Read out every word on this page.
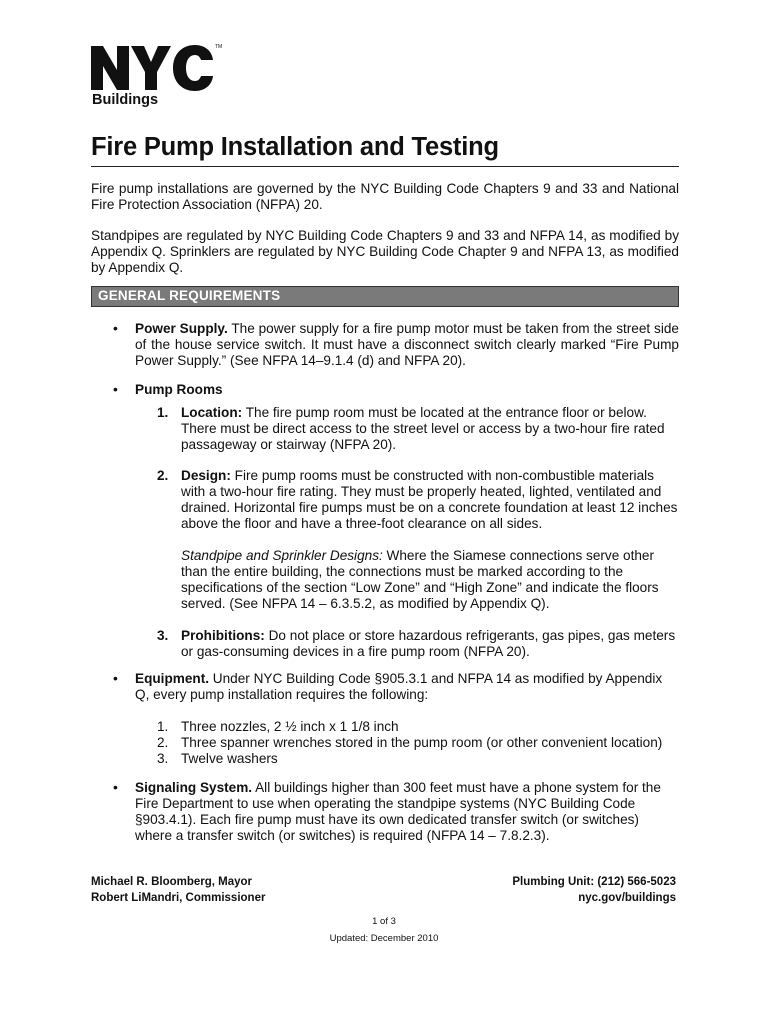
TM
Buildings
Fire Pump Installation and Testing
Fire pump installations are governed by the NYC Building Code Chapters 9 and 33 and National Fire Protection Association (NFPA) 20.
Standpipes are regulated by NYC Building Code Chapters 9 and 33 and NFPA 14, as modified by Appendix Q. Sprinklers are regulated by NYC Building Code Chapter 9 and NFPA 13, as modified by Appendix Q.
GENERAL REQUIREMENTS
• Power Supply. The power supply for a fire pump motor must be taken from the street side of the house service switch. It must have a disconnect switch clearly marked “Fire Pump Power Supply.” (See NFPA 14–9.1.4 (d) and NFPA 20).
• Pump Rooms
1. Location: The fire pump room must be located at the entrance floor or below. There must be direct access to the street level or access by a two-hour fire rated passageway or stairway (NFPA 20).
2. Design: Fire pump rooms must be constructed with non-combustible materials with a two-hour fire rating. They must be properly heated, lighted, ventilated and drained. Horizontal fire pumps must be on a concrete foundation at least 12 inches above the floor and have a three-foot clearance on all sides.
Standpipe and Sprinkler Designs: Where the Siamese connections serve other than the entire building, the connections must be marked according to the specifications of the section “Low Zone” and “High Zone” and indicate the floors served. (See NFPA 14 – 6.3.5.2, as modified by Appendix Q).
3. Prohibitions: Do not place or store hazardous refrigerants, gas pipes, gas meters or gas-consuming devices in a fire pump room (NFPA 20).
• Equipment. Under NYC Building Code §905.3.1 and NFPA 14 as modified by Appendix Q, every pump installation requires the following:
1. Three nozzles, 2 ½ inch x 1 1/8 inch
2. Three spanner wrenches stored in the pump room (or other convenient location)
3. Twelve washers
• Signaling System. All buildings higher than 300 feet must have a phone system for the Fire Department to use when operating the standpipe systems (NYC Building Code §903.4.1). Each fire pump must have its own dedicated transfer switch (or switches) where a transfer switch (or switches) is required (NFPA 14 – 7.8.2.3).
Michael R. Bloomberg, Mayor
Robert LiMandri, Commissioner
Plumbing Unit: (212) 566-5023
nyc.gov/buildings
1 of 3
Updated: December 2010
